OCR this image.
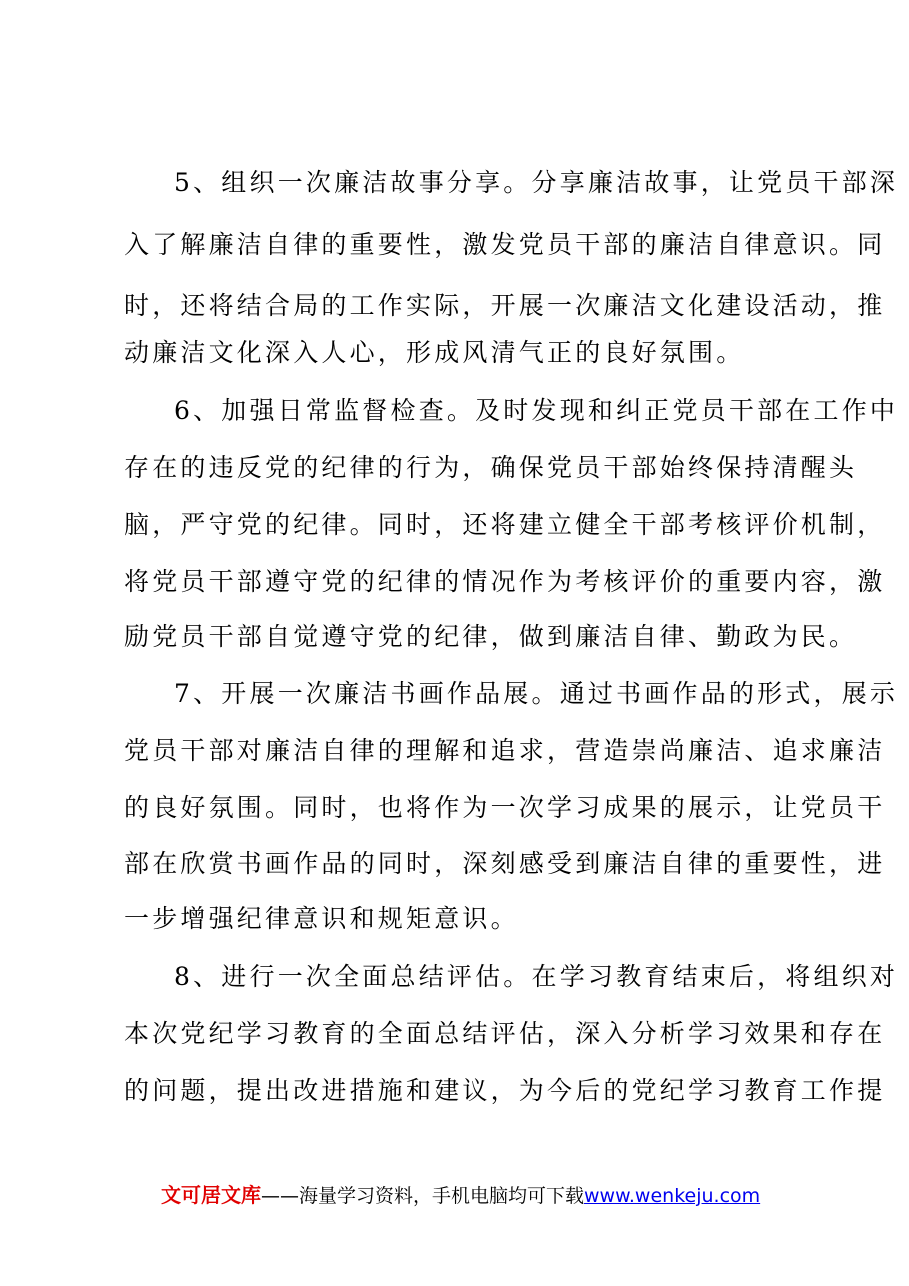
5、组织一次廉洁故事分享。分享廉洁故事，让党员干部深
入了解廉洁自律的重要性，激发党员干部的廉洁自律意识。同
时，还将结合局的工作实际，开展一次廉洁文化建设活动，推
动廉洁文化深入人心，形成风清气正的良好氛围。
6、加强日常监督检查。及时发现和纠正党员干部在工作中
存在的违反党的纪律的行为，确保党员干部始终保持清醒头
脑，严守党的纪律。同时，还将建立健全干部考核评价机制，
将党员干部遵守党的纪律的情况作为考核评价的重要内容，激
励党员干部自觉遵守党的纪律，做到廉洁自律、勤政为民。
7、开展一次廉洁书画作品展。通过书画作品的形式，展示
党员干部对廉洁自律的理解和追求，营造崇尚廉洁、追求廉洁
的良好氛围。同时，也将作为一次学习成果的展示，让党员干
部在欣赏书画作品的同时，深刻感受到廉洁自律的重要性，进
一步增强纪律意识和规矩意识。
8、进行一次全面总结评估。在学习教育结束后，将组织对
本次党纪学习教育的全面总结评估，深入分析学习效果和存在
的问题，提出改进措施和建议，为今后的党纪学习教育工作提
文可居文库——海量学习资料，手机电脑均可下载www.wenkeju.com
